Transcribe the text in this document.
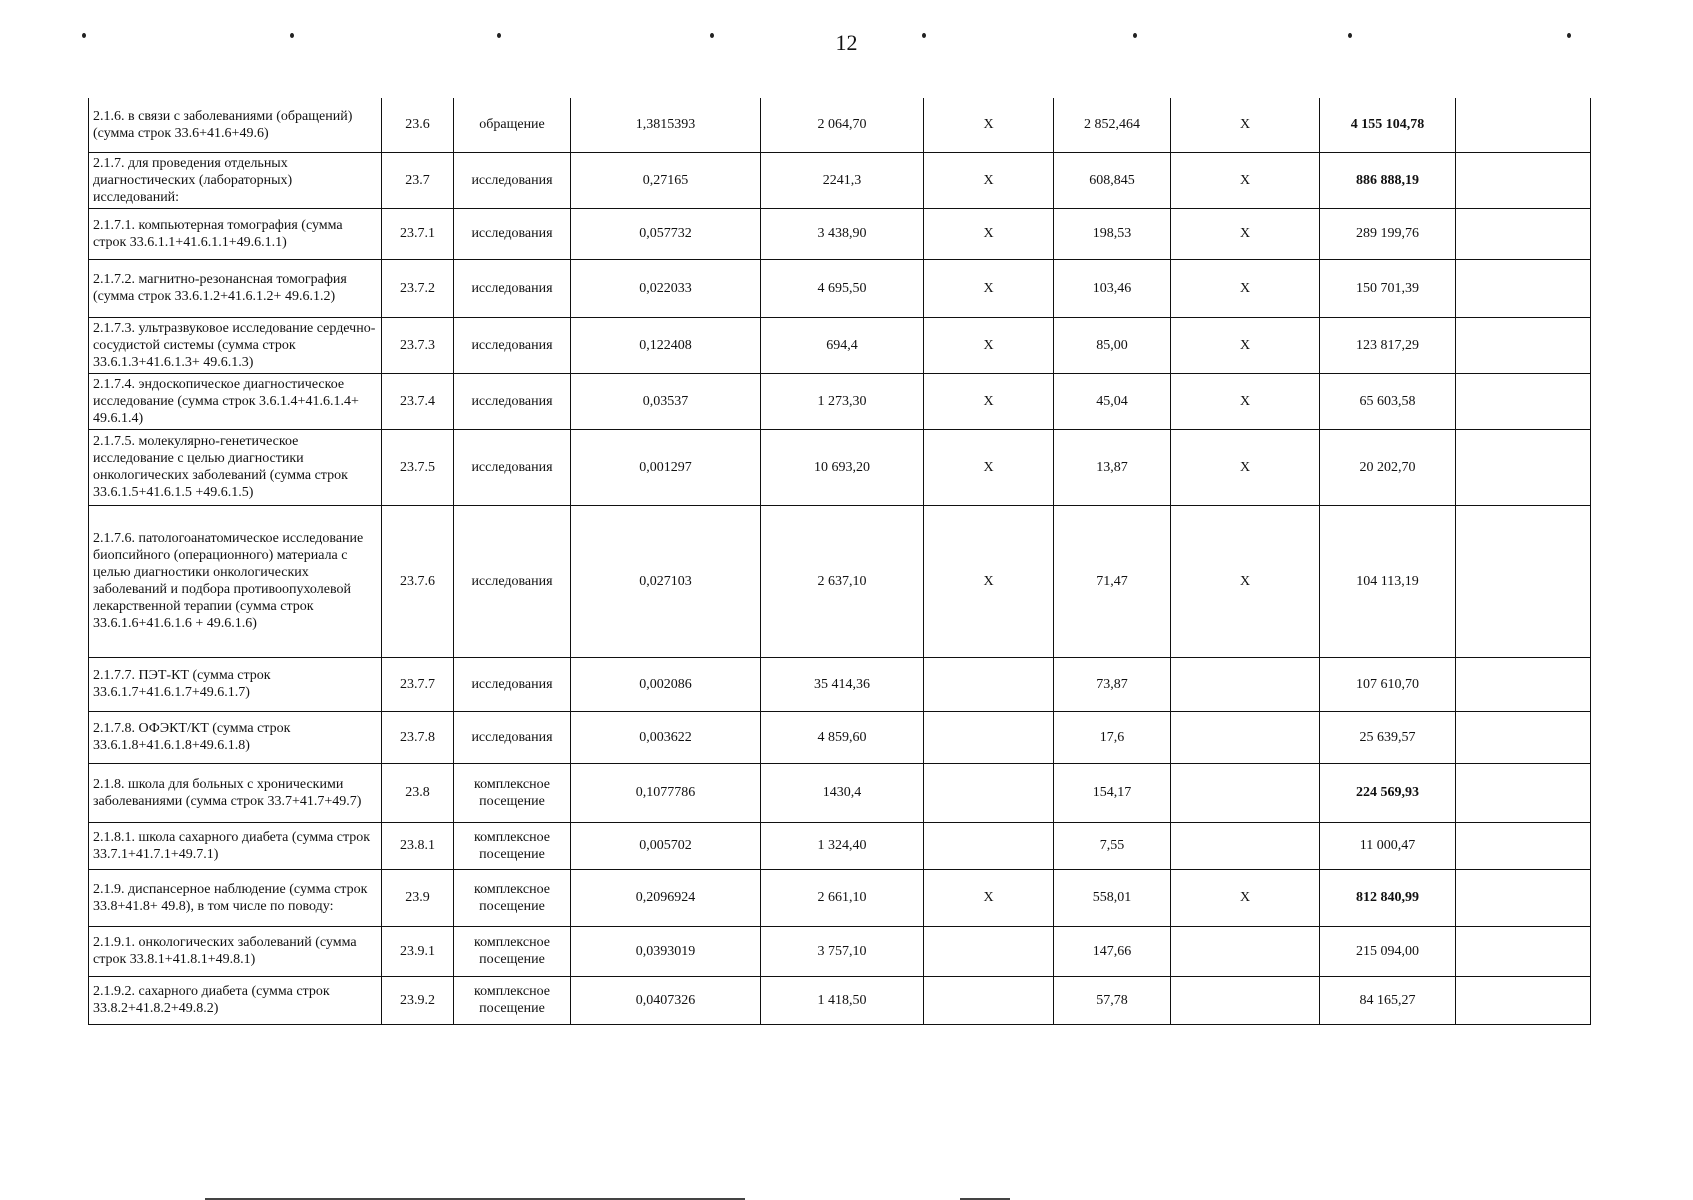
12
2.1.6. в связи с заболеваниями (обращений) (сумма строк 33.6+41.6+49.6)	23.6	обращение	1,3815393	2 064,70	X	2 852,464	X	4 155 104,78	
2.1.7. для проведения отдельных диагностических (лабораторных) исследований:	23.7	исследования	0,27165	2241,3	X	608,845	X	886 888,19	
2.1.7.1. компьютерная томография (сумма строк 33.6.1.1+41.6.1.1+49.6.1.1)	23.7.1	исследования	0,057732	3 438,90	X	198,53	X	289 199,76	
2.1.7.2. магнитно-резонансная томография (сумма строк 33.6.1.2+41.6.1.2+ 49.6.1.2)	23.7.2	исследования	0,022033	4 695,50	X	103,46	X	150 701,39	
2.1.7.3. ультразвуковое исследование сердечно-сосудистой системы (сумма строк 33.6.1.3+41.6.1.3+ 49.6.1.3)	23.7.3	исследования	0,122408	694,4	X	85,00	X	123 817,29	
2.1.7.4. эндоскопическое диагностическое исследование (сумма строк 3.6.1.4+41.6.1.4+ 49.6.1.4)	23.7.4	исследования	0,03537	1 273,30	X	45,04	X	65 603,58	
2.1.7.5. молекулярно-генетическое исследование с целью диагностики онкологических заболеваний (сумма строк 33.6.1.5+41.6.1.5 +49.6.1.5)	23.7.5	исследования	0,001297	10 693,20	X	13,87	X	20 202,70	
2.1.7.6. патологоанатомическое исследование биопсийного (операционного) материала с целью диагностики онкологических заболеваний и подбора противоопухолевой лекарственной терапии (сумма строк 33.6.1.6+41.6.1.6 + 49.6.1.6)	23.7.6	исследования	0,027103	2 637,10	X	71,47	X	104 113,19	
2.1.7.7. ПЭТ-КТ (сумма строк 33.6.1.7+41.6.1.7+49.6.1.7)	23.7.7	исследования	0,002086	35 414,36		73,87		107 610,70	
2.1.7.8. ОФЭКТ/КТ (сумма строк 33.6.1.8+41.6.1.8+49.6.1.8)	23.7.8	исследования	0,003622	4 859,60		17,6		25 639,57	
2.1.8. школа для больных с хроническими заболеваниями (сумма строк 33.7+41.7+49.7)	23.8	комплексное посещение	0,1077786	1430,4		154,17		224 569,93	
2.1.8.1. школа сахарного диабета (сумма строк 33.7.1+41.7.1+49.7.1)	23.8.1	комплексное посещение	0,005702	1 324,40		7,55		11 000,47	
2.1.9. диспансерное наблюдение (сумма строк 33.8+41.8+ 49.8), в том числе по поводу:	23.9	комплексное посещение	0,2096924	2 661,10	X	558,01	X	812 840,99	
2.1.9.1. онкологических заболеваний (сумма строк 33.8.1+41.8.1+49.8.1)	23.9.1	комплексное посещение	0,0393019	3 757,10		147,66		215 094,00	
2.1.9.2. сахарного диабета (сумма строк 33.8.2+41.8.2+49.8.2)	23.9.2	комплексное посещение	0,0407326	1 418,50		57,78		84 165,27	
